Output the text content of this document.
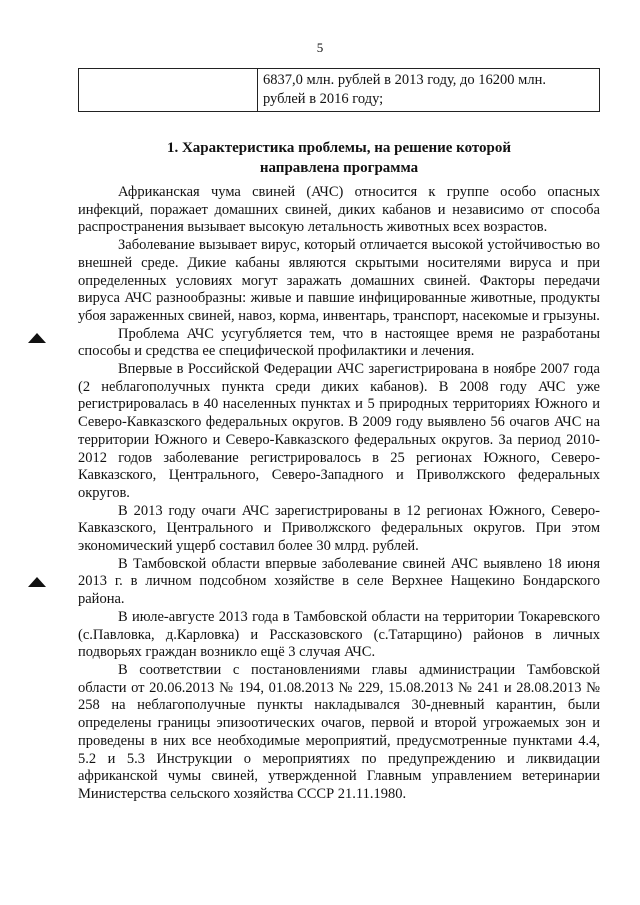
5

6837,0 млн. рублей в 2013 году, до 16200 млн.
рублей в 2016 году;
1. Характеристика проблемы, на решение которой
направлена программа

Африканская чума свиней (АЧС) относится к группе особо опасных инфекций, поражает домашних свиней, диких кабанов и независимо от способа распространения вызывает высокую летальность животных всех возрастов.

Заболевание вызывает вирус, который отличается высокой устойчивостью во внешней среде. Дикие кабаны являются скрытыми носителями вируса и при определенных условиях могут заражать домашних свиней. Факторы передачи вируса АЧС разнообразны: живые и павшие инфицированные животные, продукты убоя зараженных свиней, навоз, корма, инвентарь, транспорт, насекомые и грызуны.

Проблема АЧС усугубляется тем, что в настоящее время не разработаны способы и средства ее специфической профилактики и лечения.

Впервые в Российской Федерации АЧС зарегистрирована в ноябре 2007 года (2 неблагополучных пункта среди диких кабанов). В 2008 году АЧС уже регистрировалась в 40 населенных пунктах и 5 природных территориях Южного и Северо-Кавказского федеральных округов. В 2009 году выявлено 56 очагов АЧС на территории Южного и Северо-Кавказского федеральных округов. За период 2010-2012 годов заболевание регистрировалось в 25 регионах Южного, Северо-Кавказского, Центрального, Северо-Западного и Приволжского федеральных округов.

В 2013 году очаги АЧС зарегистрированы в 12 регионах Южного, Северо-Кавказского, Центрального и Приволжского федеральных округов. При этом экономический ущерб составил более 30 млрд. рублей.

В Тамбовской области впервые заболевание свиней АЧС выявлено 18 июня 2013 г. в личном подсобном хозяйстве в селе Верхнее Нащекино Бондарского района.

В июле-августе 2013 года в Тамбовской области на территории Токаревского (с.Павловка, д.Карловка) и Рассказовского (с.Татарщино) районов в личных подворьях граждан возникло ещё 3 случая АЧС.

В соответствии с постановлениями главы администрации Тамбовской области от 20.06.2013 № 194, 01.08.2013 № 229, 15.08.2013 № 241 и 28.08.2013 № 258 на неблагополучные пункты накладывался 30-дневный карантин, были определены границы эпизоотических очагов, первой и второй угрожаемых зон и проведены в них все необходимые мероприятий, предусмотренные пунктами 4.4, 5.2 и 5.3 Инструкции о мероприятиях по предупреждению и ликвидации африканской чумы свиней, утвержденной Главным управлением ветеринарии Министерства сельского хозяйства СССР 21.11.1980.
